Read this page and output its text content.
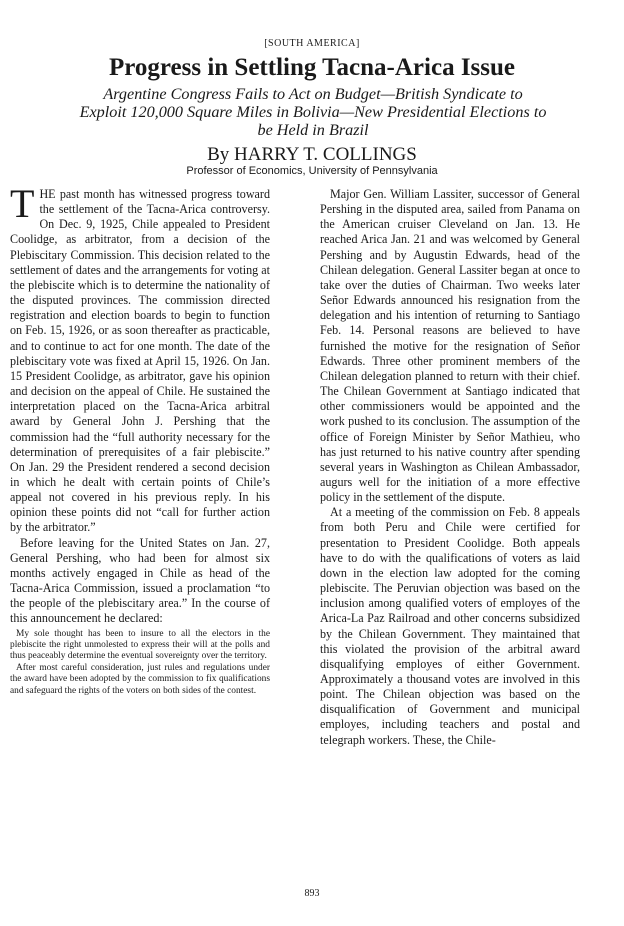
[SOUTH AMERICA]
Progress in Settling Tacna-Arica Issue
Argentine Congress Fails to Act on Budget—British Syndicate to Exploit 120,000 Square Miles in Bolivia—New Presidential Elections to be Held in Brazil
By HARRY T. COLLINGS
Professor of Economics, University of Pennsylvania

THE past month has witnessed progress toward the settlement of the Tacna-Arica controversy. On Dec. 9, 1925, Chile appealed to President Coolidge, as arbitrator, from a decision of the Plebiscitary Commission. This decision related to the settlement of dates and the arrangements for voting at the plebiscite which is to determine the nationality of the disputed provinces. The commission directed registration and election boards to begin to function on Feb. 15, 1926, or as soon thereafter as practicable, and to continue to act for one month. The date of the plebiscitary vote was fixed at April 15, 1926. On Jan. 15 President Coolidge, as arbitrator, gave his opinion and decision on the appeal of Chile. He sustained the interpretation placed on the Tacna-Arica arbitral award by General John J. Pershing that the commission had the “full authority necessary for the determination of prerequisites of a fair plebiscite.” On Jan. 29 the President rendered a second decision in which he dealt with certain points of Chile’s appeal not covered in his previous reply. In his opinion these points did not “call for further action by the arbitrator.”

Before leaving for the United States on Jan. 27, General Pershing, who had been for almost six months actively engaged in Chile as head of the Tacna-Arica Commission, issued a proclamation “to the people of the plebiscitary area.” In the course of this announcement he declared:

My sole thought has been to insure to all the electors in the plebiscite the right unmolested to express their will at the polls and thus peaceably determine the eventual sovereignty over the territory.

After most careful consideration, just rules and regulations under the award have been adopted by the commission to fix qualifications and safeguard the rights of the voters on both sides of the contest.

Major Gen. William Lassiter, successor of General Pershing in the disputed area, sailed from Panama on the American cruiser Cleveland on Jan. 13. He reached Arica Jan. 21 and was welcomed by General Pershing and by Augustin Edwards, head of the Chilean delegation. General Lassiter began at once to take over the duties of Chairman. Two weeks later Señor Edwards announced his resignation from the delegation and his intention of returning to Santiago Feb. 14. Personal reasons are believed to have furnished the motive for the resignation of Señor Edwards. Three other prominent members of the Chilean delegation planned to return with their chief. The Chilean Government at Santiago indicated that other commissioners would be appointed and the work pushed to its conclusion. The assumption of the office of Foreign Minister by Señor Mathieu, who has just returned to his native country after spending several years in Washington as Chilean Ambassador, augurs well for the initiation of a more effective policy in the settlement of the dispute.

At a meeting of the commission on Feb. 8 appeals from both Peru and Chile were certified for presentation to President Coolidge. Both appeals have to do with the qualifications of voters as laid down in the election law adopted for the coming plebiscite. The Peruvian objection was based on the inclusion among qualified voters of employes of the Arica-La Paz Railroad and other concerns subsidized by the Chilean Government. They maintained that this violated the provision of the arbitral award disqualifying employes of either Government. Approximately a thousand votes are involved in this point. The Chilean objection was based on the disqualification of Government and municipal employes, including teachers and postal and telegraph workers. These, the Chile-

893
